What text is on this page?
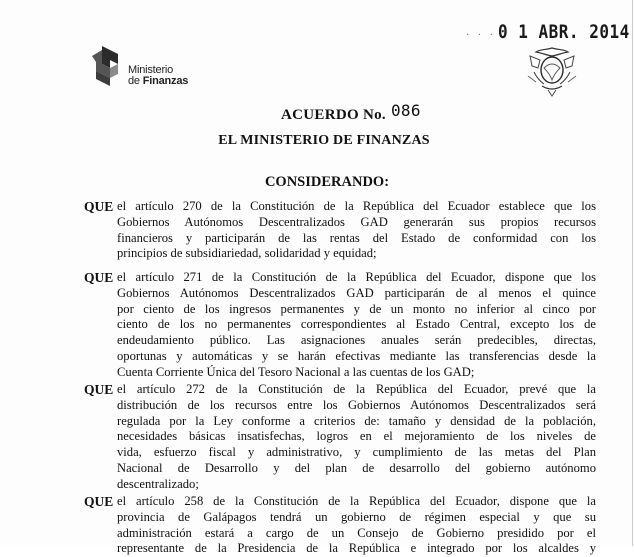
Ministerio
de Finanzas
· · · 0 1 ABR. 2014
ACUERDO No. 086
EL MINISTERIO DE FINANZAS
CONSIDERANDO:
QUE el artículo 270 de la Constitución de la República del Ecuador establece que los
Gobiernos Autónomos Descentralizados GAD generarán sus propios recursos
financieros y participarán de las rentas del Estado de conformidad con los
principios de subsidiariedad, solidaridad y equidad;
QUE el artículo 271 de la Constitución de la República del Ecuador, dispone que los
Gobiernos Autónomos Descentralizados GAD participarán de al menos el quince
por ciento de los ingresos permanentes y de un monto no inferior al cinco por
ciento de los no permanentes correspondientes al Estado Central, excepto los de
endeudamiento público. Las asignaciones anuales serán predecibles, directas,
oportunas y automáticas y se harán efectivas mediante las transferencias desde la
Cuenta Corriente Única del Tesoro Nacional a las cuentas de los GAD;
QUE el artículo 272 de la Constitución de la República del Ecuador, prevé que la
distribución de los recursos entre los Gobiernos Autónomos Descentralizados será
regulada por la Ley conforme a criterios de: tamaño y densidad de la población,
necesidades básicas insatisfechas, logros en el mejoramiento de los niveles de
vida, esfuerzo fiscal y administrativo, y cumplimiento de las metas del Plan
Nacional de Desarrollo y del plan de desarrollo del gobierno autónomo
descentralizado;
QUE el artículo 258 de la Constitución de la República del Ecuador, dispone que la
provincia de Galápagos tendrá un gobierno de régimen especial y que su
administración estará a cargo de un Consejo de Gobierno presidido por el
representante de la Presidencia de la República e integrado por los alcaldes y
